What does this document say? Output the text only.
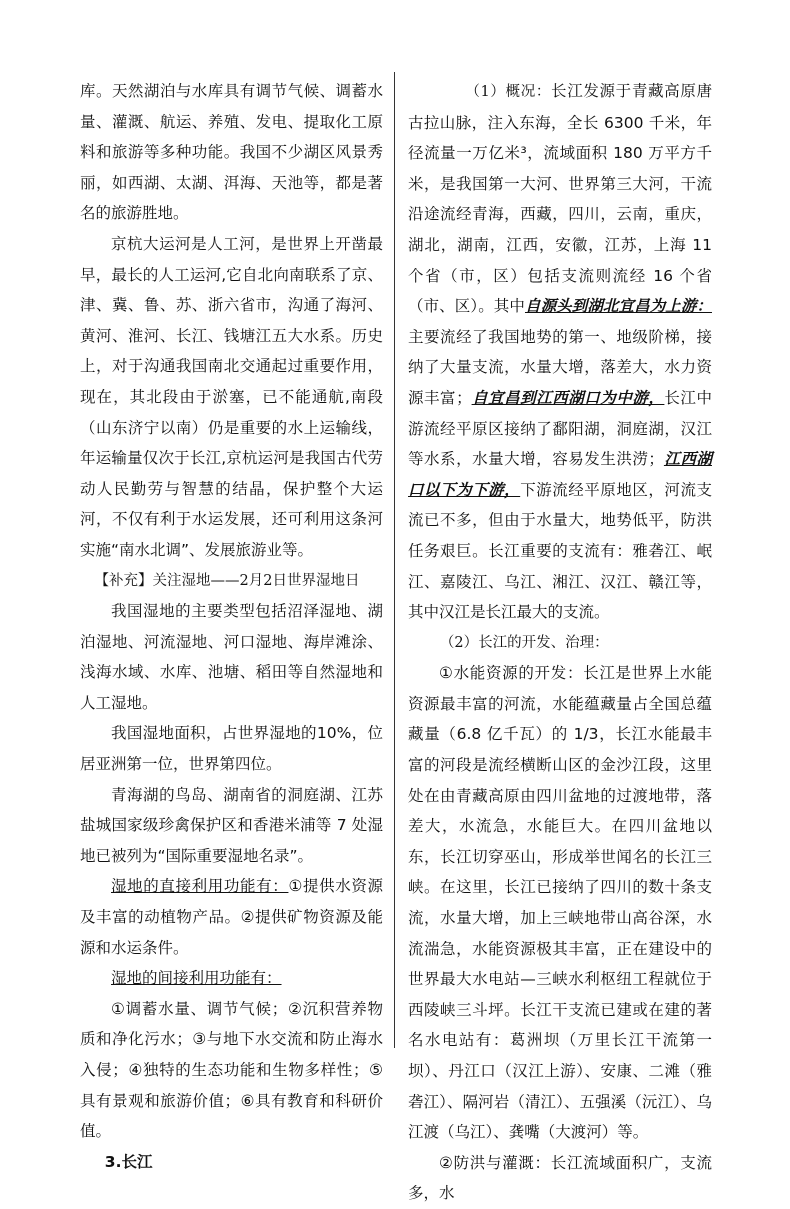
库。天然湖泊与水库具有调节气候、调蓄水量、灌溉、航运、养殖、发电、提取化工原料和旅游等多种功能。我国不少湖区风景秀丽，如西湖、太湖、洱海、天池等，都是著名的旅游胜地。

京杭大运河是人工河，是世界上开凿最早，最长的人工运河,它自北向南联系了京、津、冀、鲁、苏、浙六省市，沟通了海河、黄河、淮河、长江、钱塘江五大水系。历史上，对于沟通我国南北交通起过重要作用，现在，其北段由于淤塞，已不能通航,南段（山东济宁以南）仍是重要的水上运输线，年运输量仅次于长江,京杭运河是我国古代劳动人民勤劳与智慧的结晶，保护整个大运河，不仅有利于水运发展，还可利用这条河实施“南水北调”、发展旅游业等。

【补充】关注湿地——2月2日世界湿地日

我国湿地的主要类型包括沼泽湿地、湖泊湿地、河流湿地、河口湿地、海岸滩涂、浅海水域、水库、池塘、稻田等自然湿地和人工湿地。

我国湿地面积，占世界湿地的10%，位居亚洲第一位，世界第四位。

青海湖的鸟岛、湖南省的洞庭湖、江苏盐城国家级珍禽保护区和香港米浦等 7 处湿地已被列为“国际重要湿地名录”。

湿地的直接利用功能有：①提供水资源及丰富的动植物产品。②提供矿物资源及能源和水运条件。

湿地的间接利用功能有：

①调蓄水量、调节气候；②沉积营养物质和净化污水；③与地下水交流和防止海水入侵；④独特的生态功能和生物多样性；⑤具有景观和旅游价值；⑥具有教育和科研价值。

3.长江

（1）概况：长江发源于青藏高原唐古拉山脉，注入东海，全长 6300 千米，年径流量一万亿米³，流域面积 180 万平方千米，是我国第一大河、世界第三大河，干流沿途流经青海，西藏，四川，云南，重庆，湖北，湖南，江西，安徽，江苏，上海 11 个省（市，区）包括支流则流经 16 个省（市、区）。其中自源头到湖北宜昌为上游：主要流经了我国地势的第一、地级阶梯，接纳了大量支流，水量大增，落差大，水力资源丰富；自宜昌到江西湖口为中游，长江中游流经平原区接纳了鄱阳湖，洞庭湖，汉江等水系，水量大增，容易发生洪涝；江西湖口以下为下游，下游流经平原地区，河流支流已不多，但由于水量大，地势低平，防洪任务艰巨。长江重要的支流有：雅砻江、岷江、嘉陵江、乌江、湘江、汉江、赣江等，其中汉江是长江最大的支流。

（2）长江的开发、治理：

①水能资源的开发：长江是世界上水能资源最丰富的河流，水能蕴藏量占全国总蕴藏量（6.8 亿千瓦）的 1/3，长江水能最丰富的河段是流经横断山区的金沙江段，这里处在由青藏高原由四川盆地的过渡地带，落差大，水流急，水能巨大。在四川盆地以东，长江切穿巫山，形成举世闻名的长江三峡。在这里，长江已接纳了四川的数十条支流，水量大增，加上三峡地带山高谷深，水流湍急，水能资源极其丰富，正在建设中的世界最大水电站—三峡水利枢纽工程就位于西陵峡三斗坪。长江干支流已建或在建的著名水电站有：葛洲坝（万里长江干流第一坝）、丹江口（汉江上游）、安康、二滩（雅砻江）、隔河岩（清江）、五强溪（沅江）、乌江渡（乌江）、龚嘴（大渡河）等。

②防洪与灌溉：长江流域面积广，支流多，水
